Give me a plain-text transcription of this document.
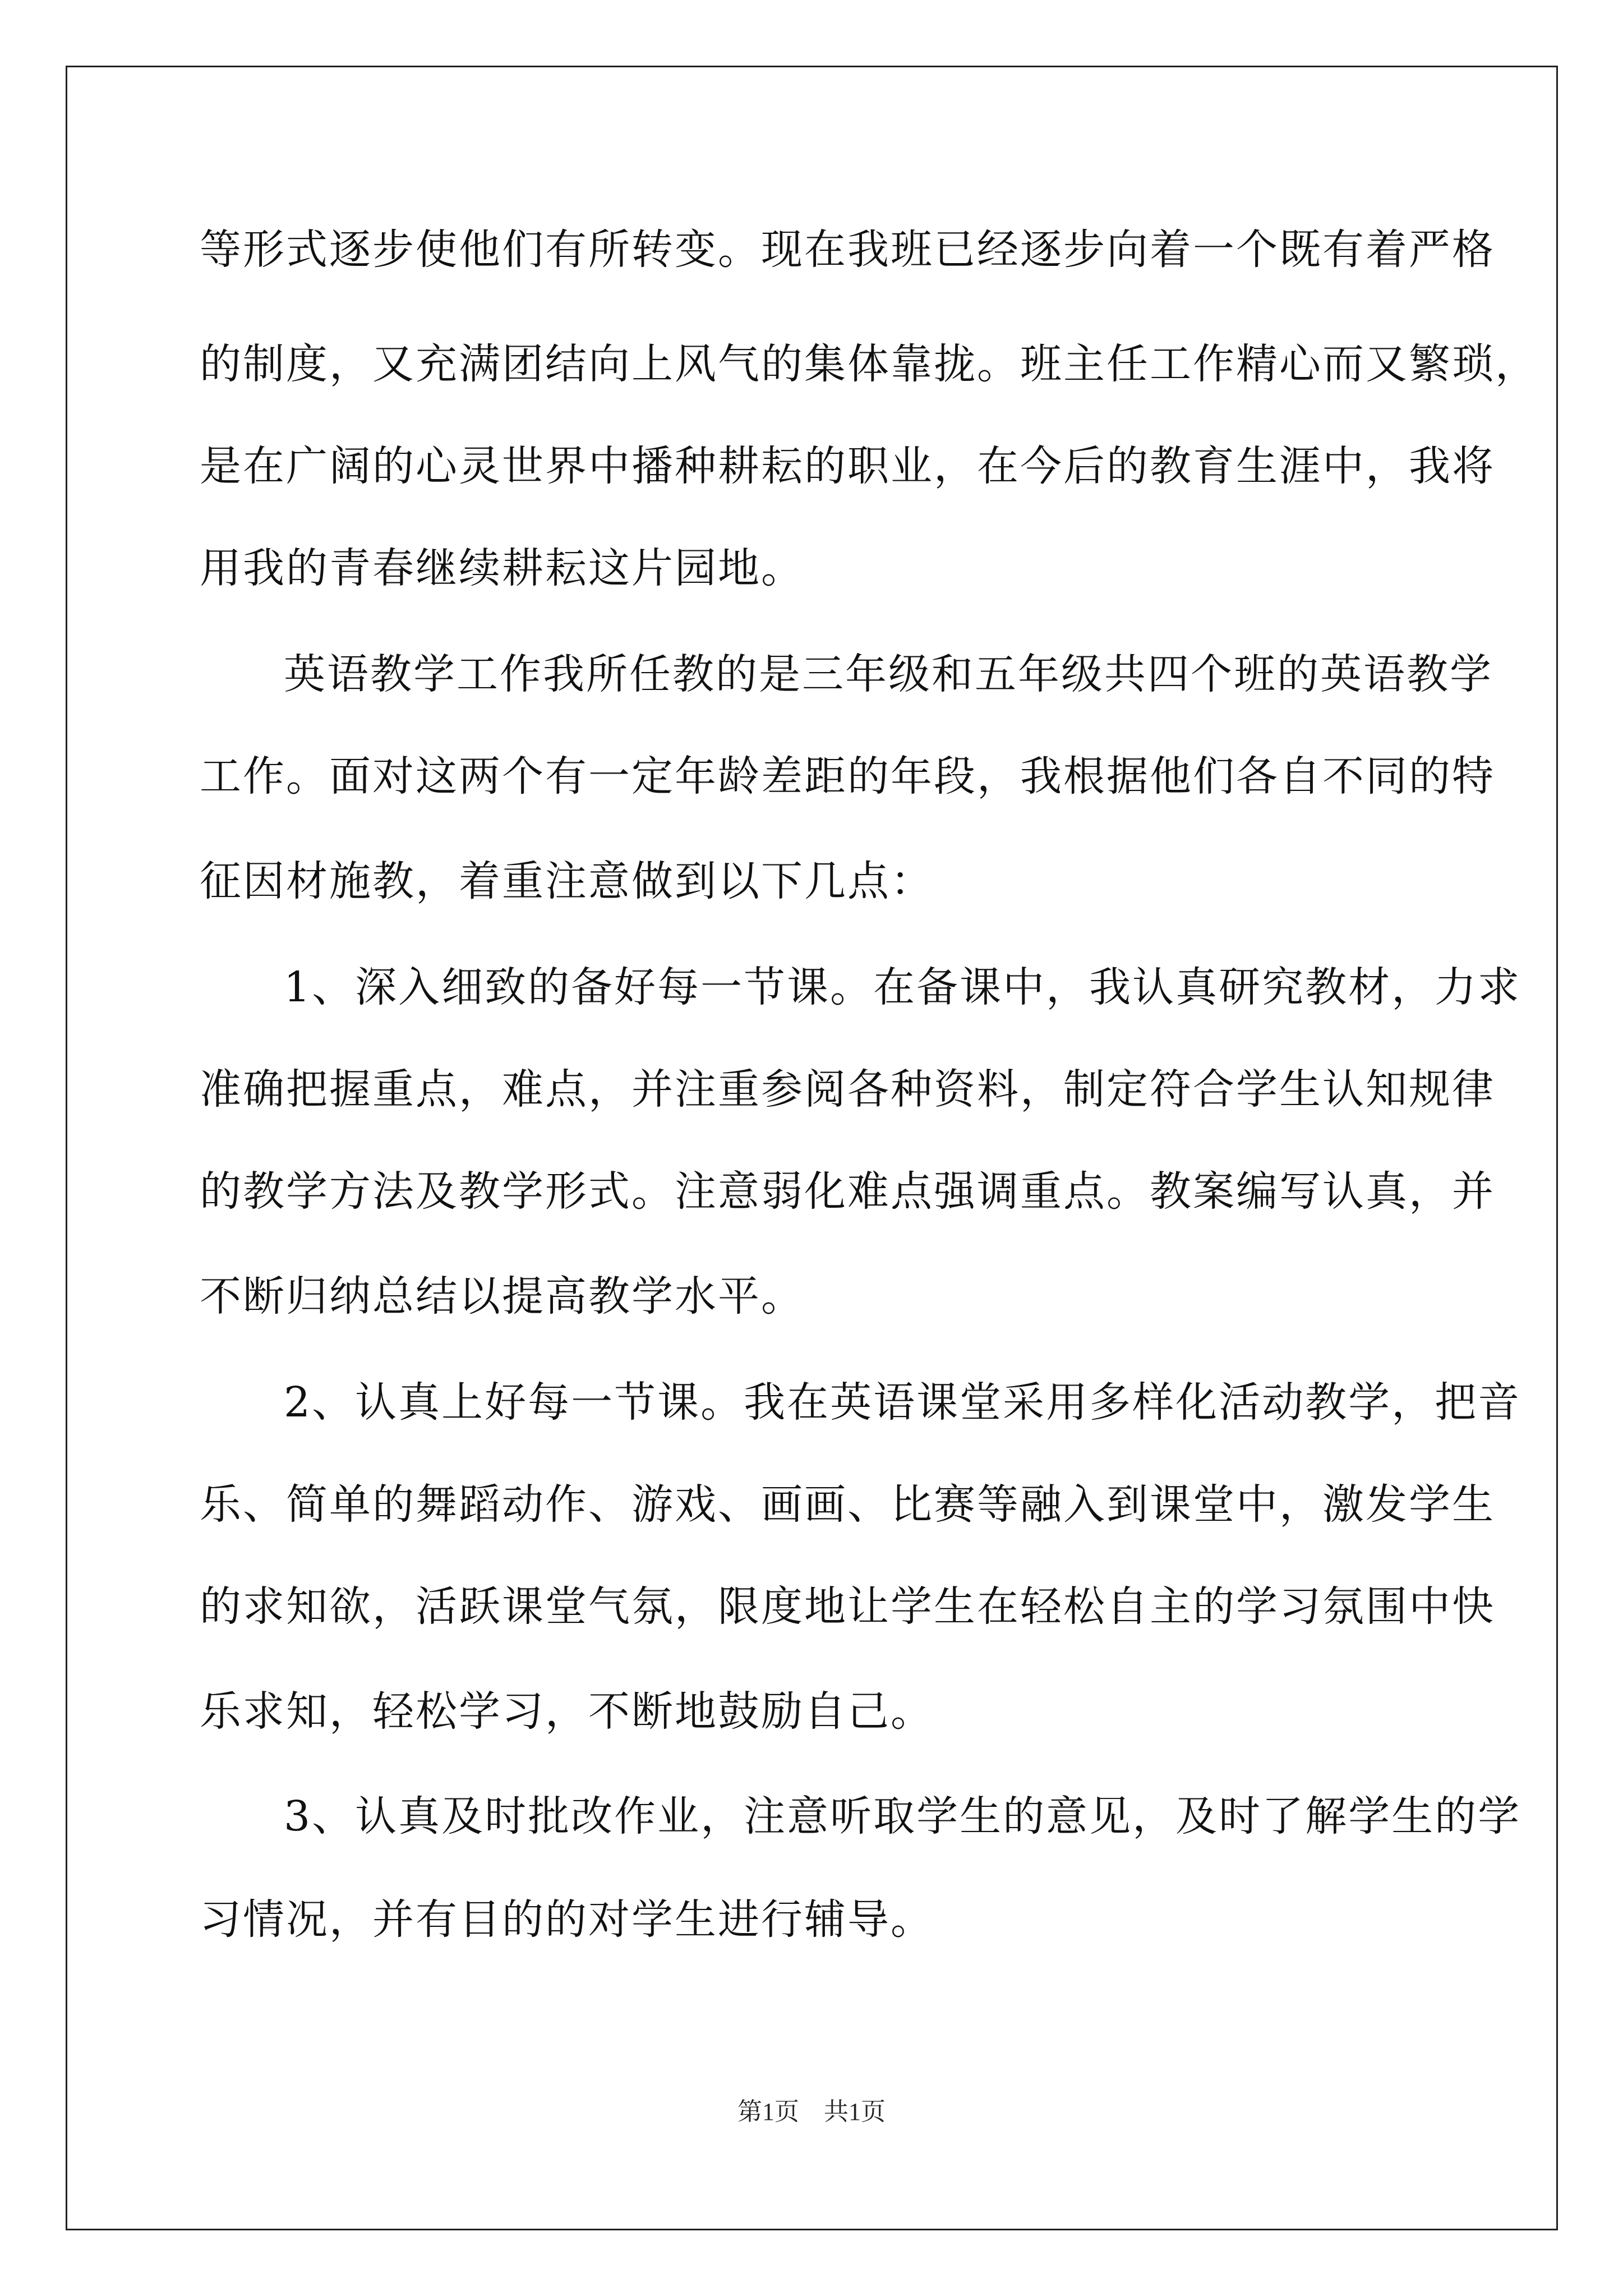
等形式逐步使他们有所转变。现在我班已经逐步向着一个既有着严格
的制度，又充满团结向上风气的集体靠拢。班主任工作精心而又繁琐，
是在广阔的心灵世界中播种耕耘的职业，在今后的教育生涯中，我将
用我的青春继续耕耘这片园地。
英语教学工作我所任教的是三年级和五年级共四个班的英语教学
工作。面对这两个有一定年龄差距的年段，我根据他们各自不同的特
征因材施教，着重注意做到以下几点：
1、深入细致的备好每一节课。在备课中，我认真研究教材，力求
准确把握重点，难点，并注重参阅各种资料，制定符合学生认知规律
的教学方法及教学形式。注意弱化难点强调重点。教案编写认真，并
不断归纳总结以提高教学水平。
2、认真上好每一节课。我在英语课堂采用多样化活动教学，把音
乐、简单的舞蹈动作、游戏、画画、比赛等融入到课堂中，激发学生
的求知欲，活跃课堂气氛，限度地让学生在轻松自主的学习氛围中快
乐求知，轻松学习，不断地鼓励自己。
3、认真及时批改作业，注意听取学生的意见，及时了解学生的学
习情况，并有目的的对学生进行辅导。
第1页　共1页
